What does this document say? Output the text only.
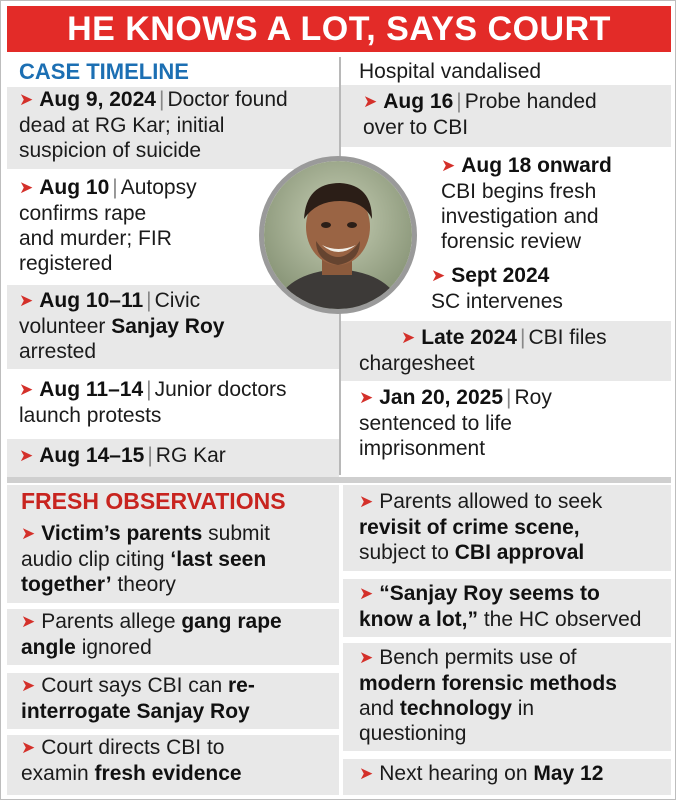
HE KNOWS A LOT, SAYS COURT
CASE TIMELINE
➤ Aug 9, 2024 | Doctor found
dead at RG Kar; initial
suspicion of suicide
➤ Aug 10 | Autopsy
confirms rape
and murder; FIR
registered
➤ Aug 10–11 | Civic
volunteer Sanjay Roy
arrested
➤ Aug 11–14 | Junior doctors
launch protests
➤ Aug 14–15 | RG Kar
Hospital vandalised
➤ Aug 16 | Probe handed
over to CBI
➤ Aug 18 onward
CBI begins fresh
investigation and
forensic review
➤ Sept 2024
SC intervenes
➤ Late 2024 | CBI files
chargesheet
➤ Jan 20, 2025 | Roy
sentenced to life
imprisonment
FRESH OBSERVATIONS
➤ Victim’s parents submit
audio clip citing ‘last seen
together’ theory
➤ Parents allege gang rape
angle ignored
➤ Court says CBI can re-
interrogate Sanjay Roy
➤ Court directs CBI to
examin fresh evidence
➤ Parents allowed to seek
revisit of crime scene,
subject to CBI approval
➤ “Sanjay Roy seems to
know a lot,” the HC observed
➤ Bench permits use of
modern forensic methods
and technology in
questioning
➤ Next hearing on May 12
